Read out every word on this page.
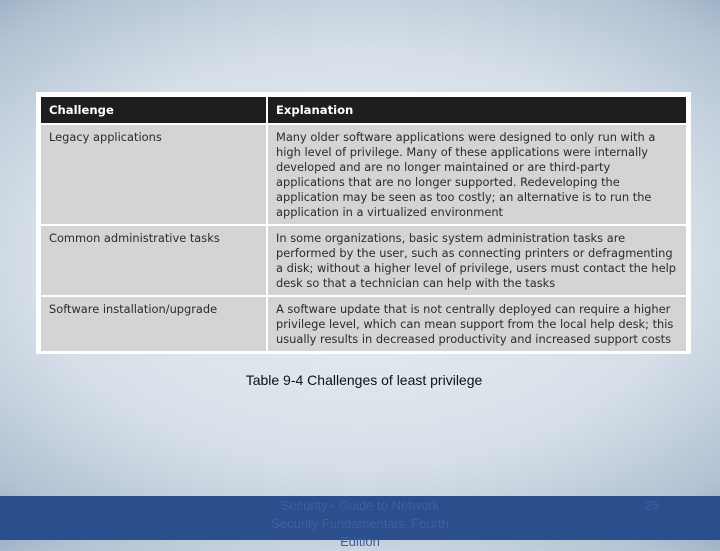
Challenge	Explanation
Legacy applications	Many older software applications were designed to only run with a high level of privilege. Many of these applications were internally developed and are no longer maintained or are third-party applications that are no longer supported. Redeveloping the application may be seen as too costly; an alternative is to run the application in a virtualized environment
Common administrative tasks	In some organizations, basic system administration tasks are performed by the user, such as connecting printers or defragmenting a disk; without a higher level of privilege, users must contact the help desk so that a technician can help with the tasks
Software installation/upgrade	A software update that is not centrally deployed can require a higher privilege level, which can mean support from the local help desk; this usually results in decreased productivity and increased support costs
Table 9-4 Challenges of least privilege
Security+ Guide to Network Security Fundamentals, Fourth Edition
25
